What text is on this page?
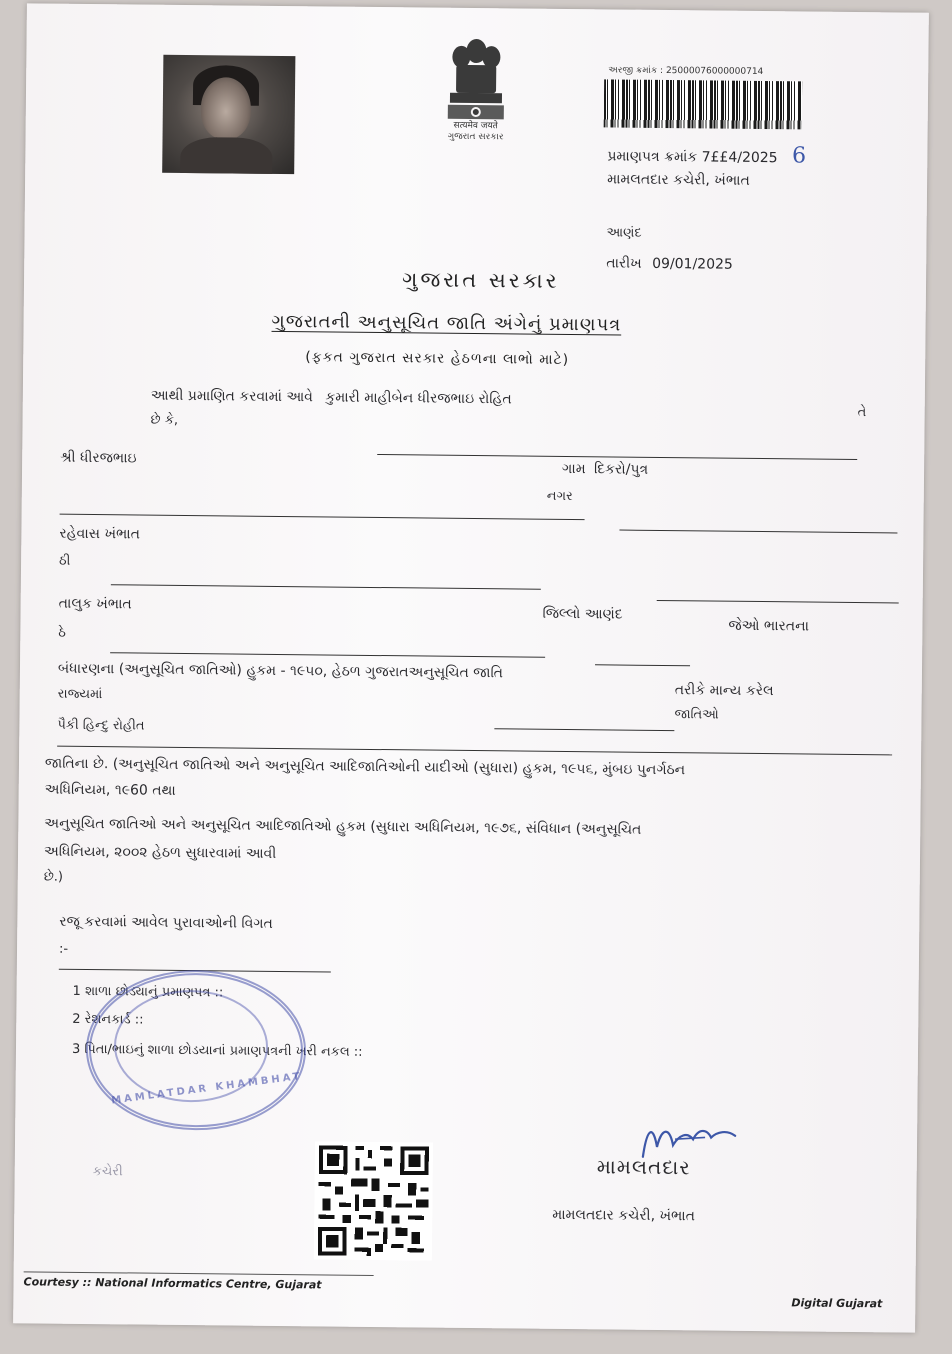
सत्यमेव जयते
ગુજરાત સરકાર
અરજી ક્રમાંક : 25000076000000714
પ્રમાણપત્ર ક્રમાંક 7££4/2025 6
મામલતદાર કચેરી, ખંભાત
આણંદ
તારીખ 09/01/2025
ગુજરાત સરકાર
ગુજરાતની અનુસૂચિત જાતિ અંગેનું પ્રમાણપત્ર
(ફકત ગુજરાત સરકાર હેઠળના લાભો માટે)
આથી પ્રમાણિત કરવામાં આવે કુમારી માહીબેન ધીરજભાઇ રોહિત
તે
છે કે,
શ્રી ધીરજભાઇ
ગામ દિકરો/પુત્ર
નગર
રહેવાસ ખંભાત
ઠી
તાલુક ખંભાત
જિલ્લો આણંદ
જેઓ ભારતના
ઠે
બંધારણના (અનુસૂચિત જાતિઓ) હુકમ - ૧૯૫૦, હેઠળ ગુજરાતઅનુસૂચિત જાતિ
તરીકે માન્ય કરેલ
રાજ્યમાં
જાતિઓ
પૈકી હિન્દુ રોહીત
જાતિના છે. (અનુસૂચિત જાતિઓ અને અનુસૂચિત આદિજાતિઓની યાદીઓ (સુધારા) હુકમ, ૧૯૫૬, મુંબઇ પુનર્ગઠન
અધિનિયમ, ૧૯60 તથા
અનુસૂચિત જાતિઓ અને અનુસૂચિત આદિજાતિઓ હુકમ (સુધારા અધિનિયમ, ૧૯૭૬, સંવિધાન (અનુસૂચિત
અધિનિયમ, ૨૦૦૨ હેઠળ સુધારવામાં આવી
છે.)
રજૂ કરવામાં આવેલ પુરાવાઓની વિગત
:-
1 શાળા છોડ્યાનું પ્રમાણપત્ર ::
2 રેશનકાર્ડ ::
3 પિતા/ભાઇનું શાળા છોડયાનાં પ્રમાણપત્રની ખરી નકલ ::
MAMLATDAR KHAMBHAT
કચેરી	મામલતદાર
મામલતદાર કચેરી, ખંભાત
Courtesy :: National Informatics Centre, Gujarat
Digital Gujarat
